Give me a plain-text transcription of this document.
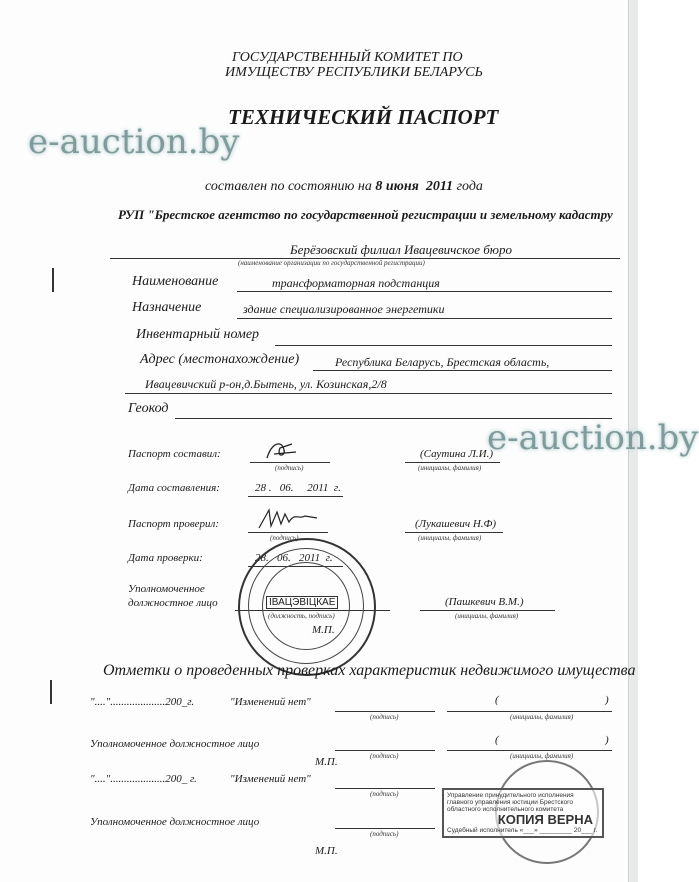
ГОСУДАРСТВЕННЫЙ КОМИТЕТ ПО
ИМУЩЕСТВУ РЕСПУБЛИКИ БЕЛАРУСЬ
ТЕХНИЧЕСКИЙ ПАСПОРТ
e-auction.by
составлен по состоянию на 8 июня 2011 года
РУП "Брестское агентство по государственной регистрации и земельному кадастру
Берёзовский филиал Ивацевичское бюро
(наименование организации по государственной регистрации)
Наименование	трансформаторная подстанция
Назначение	здание специализированное энергетики
Инвентарный номер
Адрес (местонахождение)	Республика Беларусь, Брестская область,
Ивацевичский р-он,д.Бытень, ул. Козинская,2/8
Геокод
e-auction.by
Паспорт составил:
(подпись)
(Саутина Л.И.)
(инициалы, фамилия)
Дата составления:	28 .   06.     2011  г.
Паспорт проверил:
(подпись)
(Лукашевич Н.Ф)
(инициалы, фамилия)
Дата проверки:	28.   06.   2011  г.
Уполномоченное
должностное лицо	(Пашкевич В.М.)
(инициалы, фамилия)
IВАЦЭВIЦКАЕ
(должность, подпись)
М.П.
Отметки о проведенных проверках характеристик недвижимого имущества
"...."....................200_г.	"Изменений нет"
(подпись)
(	)
(инициалы, фамилия)
Уполномоченное должностное лицо
(подпись)
(	)
(инициалы, фамилия)
М.П.
"...."....................200_ г.	"Изменений нет"
(подпись)
Уполномоченное должностное лицо
(подпись)
М.П.
Управление принудительного исполнения
главного управления юстиции Брестского
областного исполнительного комитета
КОПИЯ ВЕРНА
Судебный исполнитель «___» _________ 20___ г.
